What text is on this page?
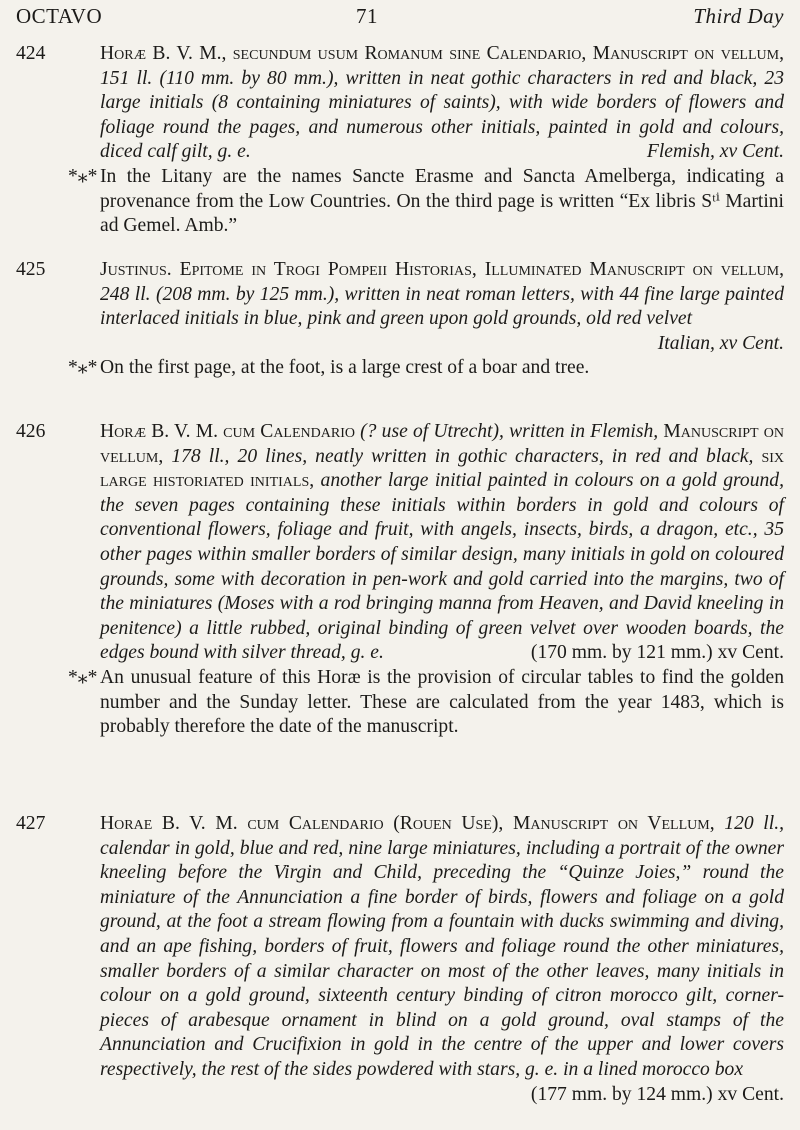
OCTAVO	71	Third Day
424	Horæ B. V. M., secundum usum Romanum sine Calendario, Manuscript on vellum, 151 ll. (110 mm. by 80 mm.), written in neat gothic characters in red and black, 23 large initials (8 containing miniatures of saints), with wide borders of flowers and foliage round the pages, and numerous other initials, painted in gold and colours, diced calf gilt, g. e.	Flemish, xv Cent.
*⁎* In the Litany are the names Sancte Erasme and Sancta Amelberga, indicating a provenance from the Low Countries. On the third page is written “Ex libris Sᵗⁱ Martini ad Gemel. Amb.”
425	Justinus. Epitome in Trogi Pompeii Historias, Illuminated Manuscript on vellum, 248 ll. (208 mm. by 125 mm.), written in neat roman letters, with 44 fine large painted interlaced initials in blue, pink and green upon gold grounds, old red velvet
Italian, xv Cent.
*⁎* On the first page, at the foot, is a large crest of a boar and tree.
426	Horæ B. V. M. cum Calendario (? use of Utrecht), written in Flemish, Manuscript on vellum, 178 ll., 20 lines, neatly written in gothic characters, in red and black, six large historiated initials, another large initial painted in colours on a gold ground, the seven pages containing these initials within borders in gold and colours of conventional flowers, foliage and fruit, with angels, insects, birds, a dragon, etc., 35 other pages within smaller borders of similar design, many initials in gold on coloured grounds, some with decoration in pen-work and gold carried into the margins, two of the miniatures (Moses with a rod bringing manna from Heaven, and David kneeling in penitence) a little rubbed, original binding of green velvet over wooden boards, the edges bound with silver thread, g. e.	(170 mm. by 121 mm.) xv Cent.
*⁎* An unusual feature of this Horæ is the provision of circular tables to find the golden number and the Sunday letter. These are calculated from the year 1483, which is probably therefore the date of the manuscript.
427	Horae B. V. M. cum Calendario (Rouen Use), Manuscript on Vellum, 120 ll., calendar in gold, blue and red, nine large miniatures, including a portrait of the owner kneeling before the Virgin and Child, preceding the “Quinze Joies,” round the miniature of the Annunciation a fine border of birds, flowers and foliage on a gold ground, at the foot a stream flowing from a fountain with ducks swimming and diving, and an ape fishing, borders of fruit, flowers and foliage round the other miniatures, smaller borders of a similar character on most of the other leaves, many initials in colour on a gold ground, sixteenth century binding of citron morocco gilt, corner-pieces of arabesque ornament in blind on a gold ground, oval stamps of the Annunciation and Crucifixion in gold in the centre of the upper and lower covers respectively, the rest of the sides powdered with stars, g. e. in a lined morocco box
(177 mm. by 124 mm.) xv Cent.
